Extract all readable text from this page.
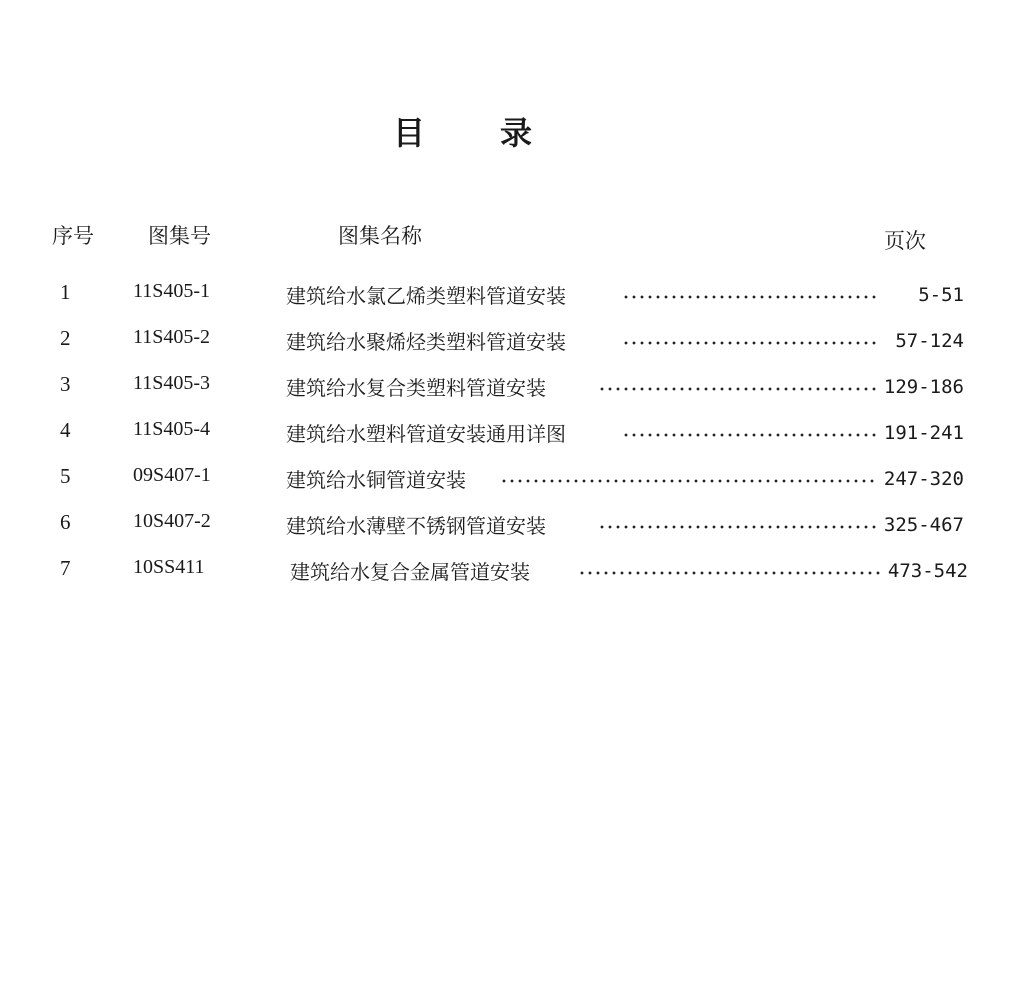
目 录
序号	图集号	图集名称	页次
1	11S405-1	建筑给水氯乙烯类塑料管道安装	5-51
2	11S405-2	建筑给水聚烯烃类塑料管道安装	57-124
3	11S405-3	建筑给水复合类塑料管道安装	129-186
4	11S405-4	建筑给水塑料管道安装通用详图	191-241
5	09S407-1	建筑给水铜管道安装	247-320
6	10S407-2	建筑给水薄壁不锈钢管道安装	325-467
7	10SS411	建筑给水复合金属管道安装	473-542
